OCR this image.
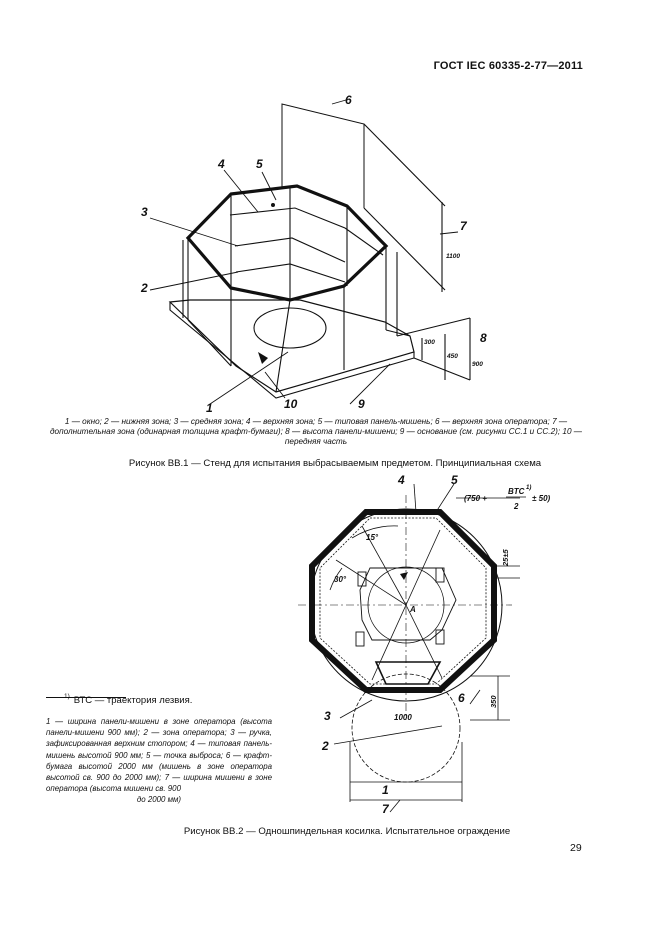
ГОСТ IEC 60335-2-77—2011
6
4	5
3
2
7
8
1	10	9
1100
450
300
900
1 — окно; 2 — нижняя зона; 3 — средняя зона; 4 — верхняя зона; 5 — типовая панель-мишень; 6 — верхняя зона оператора; 7 — дополнительная зона (одинарная толщина крафт-бумаги); 8 — высота панели-мишени; 9 — основание (см. рисунки СС.1 и СС.2); 10 — передняя часть
Рисунок ВВ.1 — Стенд для испытания выбрасываемым предметом. Принципиальная схема
4	5
3
2
1
6
7
A
15°
30°
1000
(750 +
BTC 1)
2
± 50)
25±5
350
$^{1)}$ ВТС — траектория лезвия.
1 — ширина панели-мишени в зоне оператора (высота панели-мишени 900 мм); 2 — зона оператора; 3 — ручка, зафиксированная верхним стопором; 4 — типовая панель-мишень высотой 900 мм; 5 — точка выброса; 6 — крафт-бумага высотой 2000 мм (мишень в зоне оператора высотой св. 900 до 2000 мм); 7 — ширина мишени в зоне оператора (высота мишени св. 900
до 2000 мм)
Рисунок ВВ.2 — Одношпиндельная косилка. Испытательное ограждение
29
